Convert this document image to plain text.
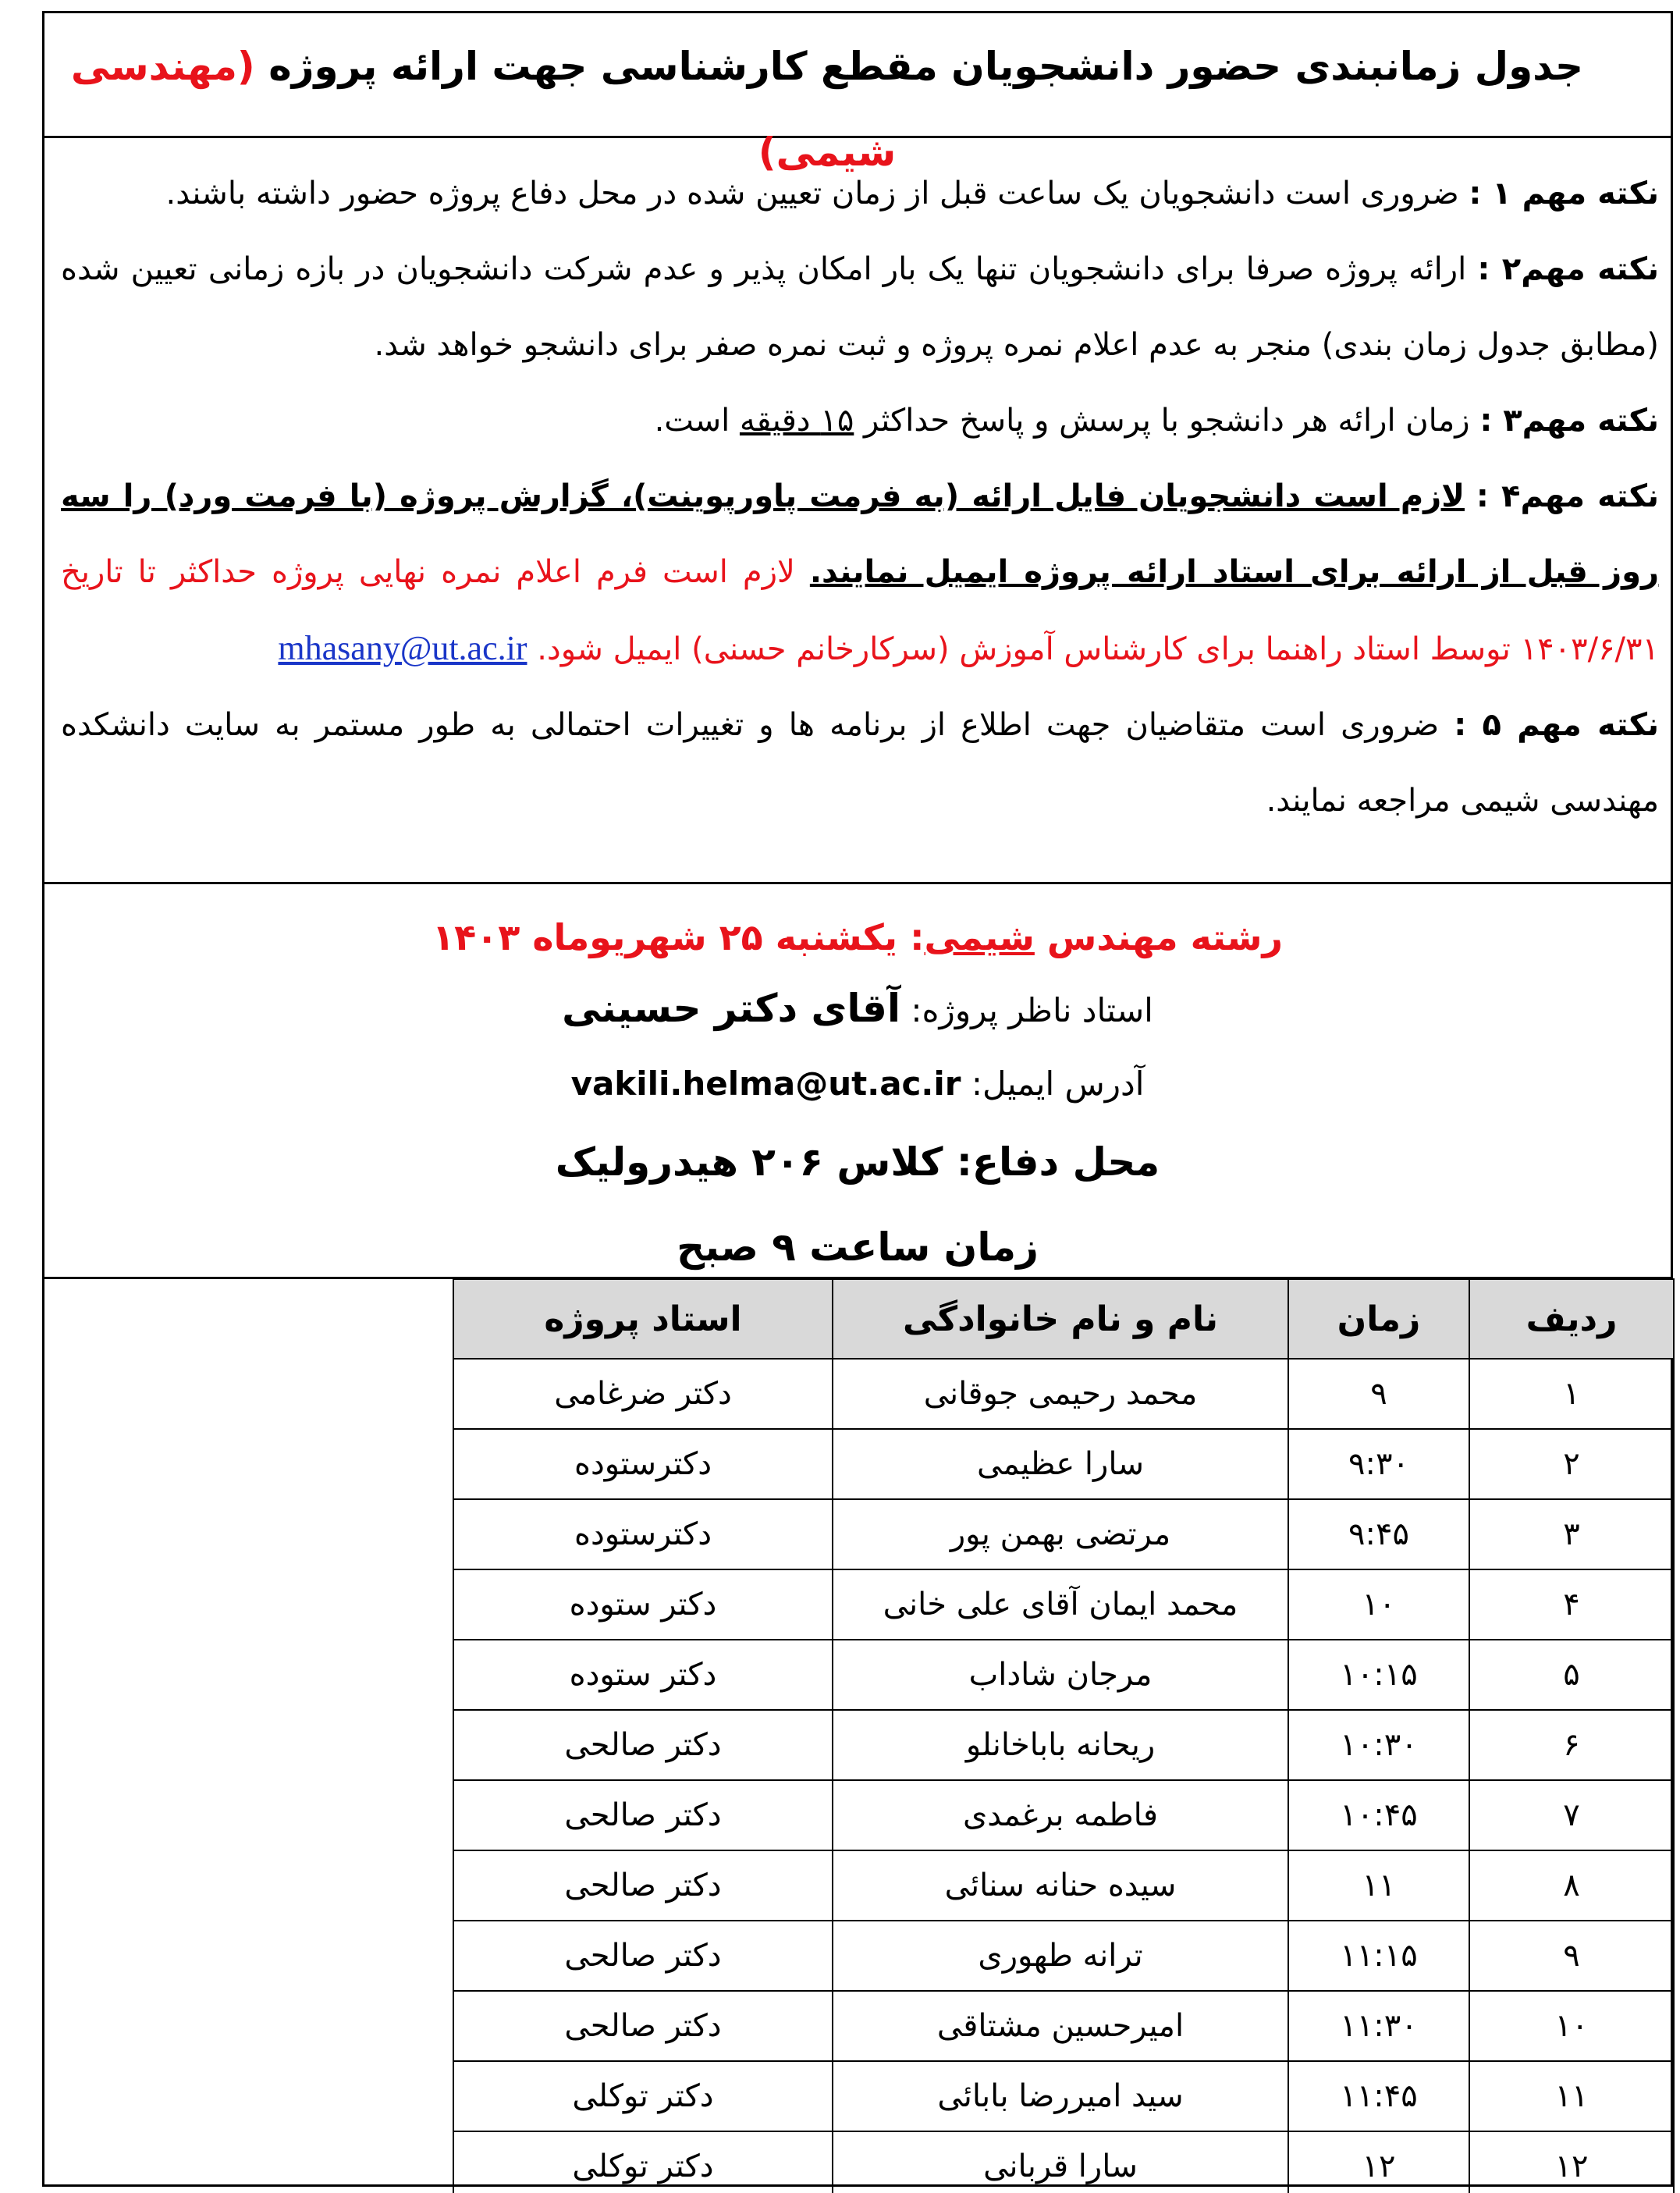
جدول زمانبندی حضور دانشجویان مقطع کارشناسی جهت ارائه پروژه (مهندسی شیمی)

نکته مهم ۱ : ضروری است دانشجویان یک ساعت قبل از زمان تعیین شده در محل دفاع پروژه حضور داشته باشند.

نکته مهم۲ : ارائه پروژه صرفا برای دانشجویان تنها یک بار امکان پذیر و عدم شرکت دانشجویان در بازه زمانی تعیین شده (مطابق جدول زمان بندی) منجر به عدم اعلام نمره پروژه و ثبت نمره صفر برای دانشجو خواهد شد.

نکته مهم۳ : زمان ارائه هر دانشجو با پرسش و پاسخ حداکثر ۱۵ دقیقه است.

نکته مهم۴ : لازم است دانشجویان فایل ارائه (به فرمت پاورپوینت)، گزارش پروژه (با فرمت ورد) را سه روز قبل از ارائه برای استاد ارائه پروژه ایمیل نمایند. لازم است فرم اعلام نمره نهایی پروژه حداکثر تا تاریخ ۱۴۰۳/۶/۳۱ توسط استاد راهنما برای کارشناس آموزش (سرکارخانم حسنی) ایمیل شود. mhasany@ut.ac.ir

نکته مهم ۵ : ضروری است متقاضیان جهت اطلاع از برنامه ها و تغییرات احتمالی به طور مستمر به سایت دانشکده مهندسی شیمی مراجعه نمایند.

رشته مهندس شیمی: یکشنبه ۲۵ شهریوماه ۱۴۰۳
استاد ناظر پروژه: آقای دکتر حسینی
آدرس ایمیل: vakili.helma@ut.ac.ir
محل دفاع: کلاس ۲۰۶ هیدرولیک
زمان ساعت ۹ صبح
ردیف	زمان	نام و نام خانوادگی	استاد پروژه
۱	۹	محمد رحیمی جوقانی	دکتر ضرغامی
۲	۹:۳۰	سارا عظیمی	دکترستوده
۳	۹:۴۵	مرتضی بهمن پور	دکترستوده
۴	۱۰	محمد ایمان آقای علی خانی	دکتر ستوده
۵	۱۰:۱۵	مرجان شاداب	دکتر ستوده
۶	۱۰:۳۰	ریحانه باباخانلو	دکتر صالحی
۷	۱۰:۴۵	فاطمه برغمدی	دکتر صالحی
۸	۱۱	سیده حنانه سنائی	دکتر صالحی
۹	۱۱:۱۵	ترانه طهوری	دکتر صالحی
۱۰	۱۱:۳۰	امیرحسین مشتاقی	دکتر صالحی
۱۱	۱۱:۴۵	سید امیررضا بابائی	دکتر توکلی
۱۲	۱۲	سارا قربانی	دکتر توکلی
